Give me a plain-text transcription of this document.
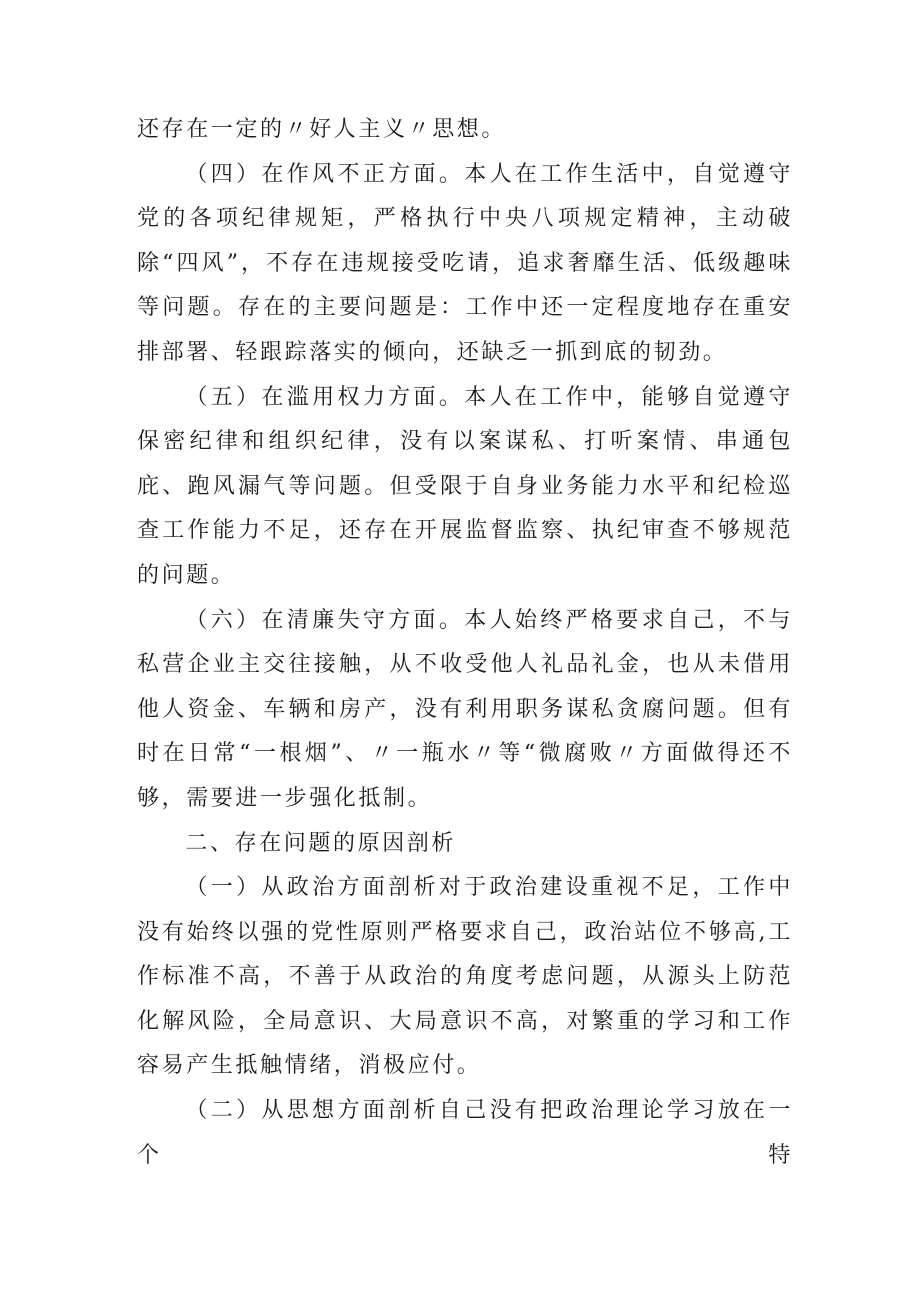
还存在一定的〃好人主义〃思想。

（四）在作风不正方面。本人在工作生活中，自觉遵守党的各项纪律规矩，严格执行中央八项规定精神，主动破除“四风”，不存在违规接受吃请，追求奢靡生活、低级趣味等问题。存在的主要问题是：工作中还一定程度地存在重安排部署、轻跟踪落实的倾向，还缺乏一抓到底的韧劲。

（五）在滥用权力方面。本人在工作中，能够自觉遵守保密纪律和组织纪律，没有以案谋私、打听案情、串通包庇、跑风漏气等问题。但受限于自身业务能力水平和纪检巡查工作能力不足，还存在开展监督监察、执纪审查不够规范的问题。

（六）在清廉失守方面。本人始终严格要求自己，不与私营企业主交往接触，从不收受他人礼品礼金，也从未借用他人资金、车辆和房产，没有利用职务谋私贪腐问题。但有时在日常“一根烟”、〃一瓶水〃等“微腐败〃方面做得还不够，需要进一步强化抵制。

二、存在问题的原因剖析

（一）从政治方面剖析对于政治建设重视不足，工作中没有始终以强的党性原则严格要求自己，政治站位不够高,工作标准不高，不善于从政治的角度考虑问题，从源头上防范化解风险，全局意识、大局意识不高，对繁重的学习和工作容易产生抵触情绪，消极应付。

（二）从思想方面剖析自己没有把政治理论学习放在一个特
